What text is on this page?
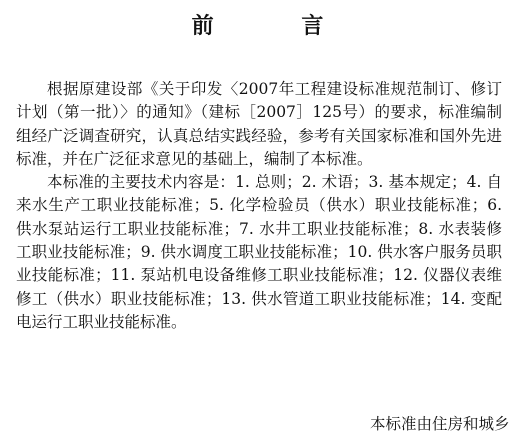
前 言

根据原建设部《关于印发〈2007年工程建设标准规范制订、修订计划（第一批）〉的通知》（建标［2007］125号）的要求，标准编制组经广泛调查研究，认真总结实践经验，参考有关国家标准和国外先进标准，并在广泛征求意见的基础上，编制了本标准。

本标准的主要技术内容是：1. 总则；2. 术语；3. 基本规定；4. 自来水生产工职业技能标准；5. 化学检验员（供水）职业技能标准；6. 供水泵站运行工职业技能标准；7. 水井工职业技能标准；8. 水表装修工职业技能标准；9. 供水调度工职业技能标准；10. 供水客户服务员职业技能标准；11. 泵站机电设备维修工职业技能标准；12. 仪器仪表维修工（供水）职业技能标准；13. 供水管道工职业技能标准；14. 变配电运行工职业技能标准。

本标准由住房和城乡
